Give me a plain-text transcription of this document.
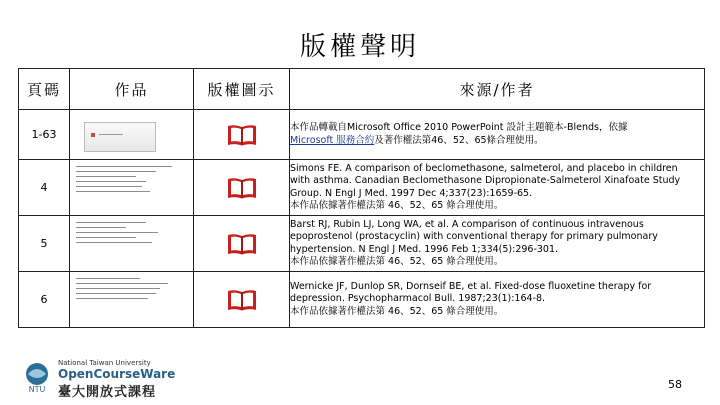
版權聲明
頁碼	作品	版權圖示	來源/作者
1-63			本作品轉載自Microsoft Office 2010 PowerPoint 設計主題範本-Blends，依據
Microsoft 服務合約及著作權法第46、52、65條合理使用。

4			Simons FE. A comparison of beclomethasone, salmeterol, and placebo in children
with asthma. Canadian Beclomethasone Dipropionate-Salmeterol Xinafoate Study
Group. N Engl J Med. 1997 Dec 4;337(23):1659-65.
本作品依據著作權法第 46、52、65 條合理使用。

5			Barst RJ, Rubin LJ, Long WA, et al. A comparison of continuous intravenous
epoprostenol (prostacyclin) with conventional therapy for primary pulmonary
hypertension. N Engl J Med. 1996 Feb 1;334(5):296-301.
本作品依據著作權法第 46、52、65 條合理使用。

6			Wernicke JF, Dunlop SR, Dornseif BE, et al. Fixed-dose fluoxetine therapy for
depression. Psychopharmacol Bull. 1987;23(1):164-8.
本作品依據著作權法第 46、52、65 條合理使用。
NTU
National Taiwan University
OpenCourseWare
臺大開放式課程
58
